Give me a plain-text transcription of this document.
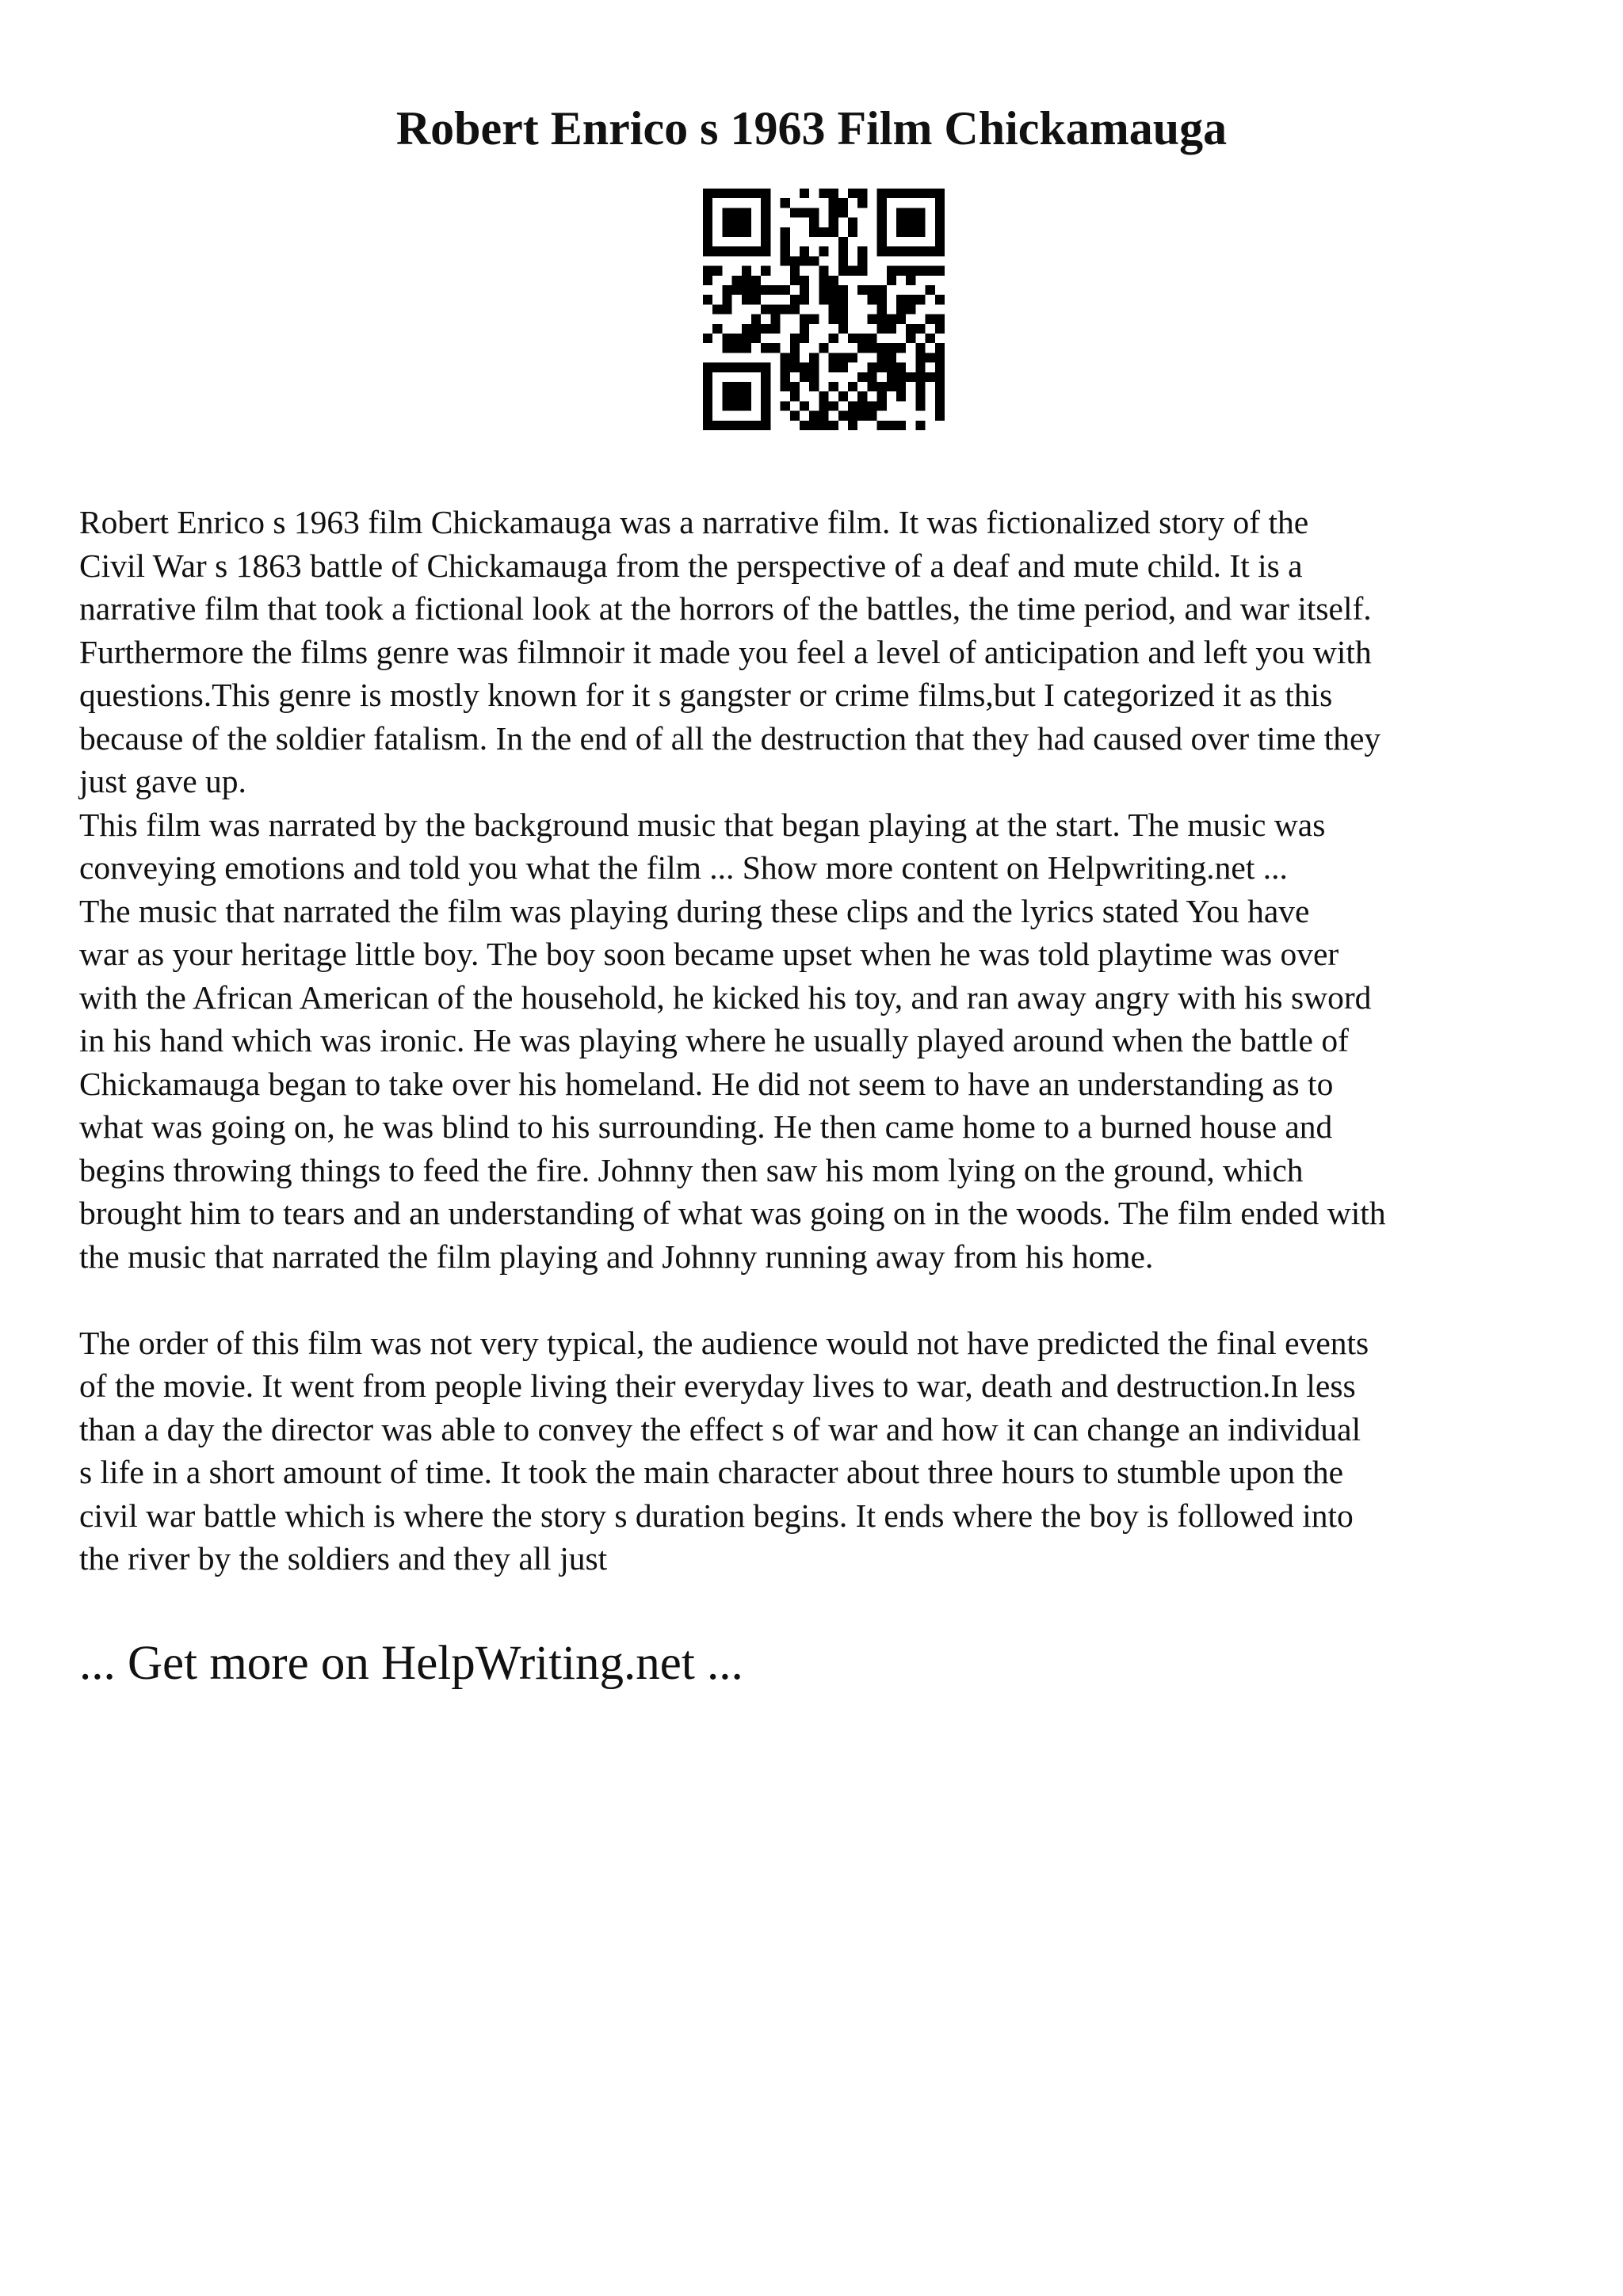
Robert Enrico s 1963 Film Chickamauga

Robert Enrico s 1963 film Chickamauga was a narrative film. It was fictionalized story of the
Civil War s 1863 battle of Chickamauga from the perspective of a deaf and mute child. It is a
narrative film that took a fictional look at the horrors of the battles, the time period, and war itself.
Furthermore the films genre was filmnoir it made you feel a level of anticipation and left you with
questions.This genre is mostly known for it s gangster or crime films,but I categorized it as this
because of the soldier fatalism. In the end of all the destruction that they had caused over time they
just gave up.

This film was narrated by the background music that began playing at the start. The music was
conveying emotions and told you what the film ... Show more content on Helpwriting.net ...

The music that narrated the film was playing during these clips and the lyrics stated You have
war as your heritage little boy. The boy soon became upset when he was told playtime was over
with the African American of the household, he kicked his toy, and ran away angry with his sword
in his hand which was ironic. He was playing where he usually played around when the battle of
Chickamauga began to take over his homeland. He did not seem to have an understanding as to
what was going on, he was blind to his surrounding. He then came home to a burned house and
begins throwing things to feed the fire. Johnny then saw his mom lying on the ground, which
brought him to tears and an understanding of what was going on in the woods. The film ended with
the music that narrated the film playing and Johnny running away from his home.

The order of this film was not very typical, the audience would not have predicted the final events
of the movie. It went from people living their everyday lives to war, death and destruction.In less
than a day the director was able to convey the effect s of war and how it can change an individual
s life in a short amount of time. It took the main character about three hours to stumble upon the
civil war battle which is where the story s duration begins. It ends where the boy is followed into
the river by the soldiers and they all just

... Get more on HelpWriting.net ...
